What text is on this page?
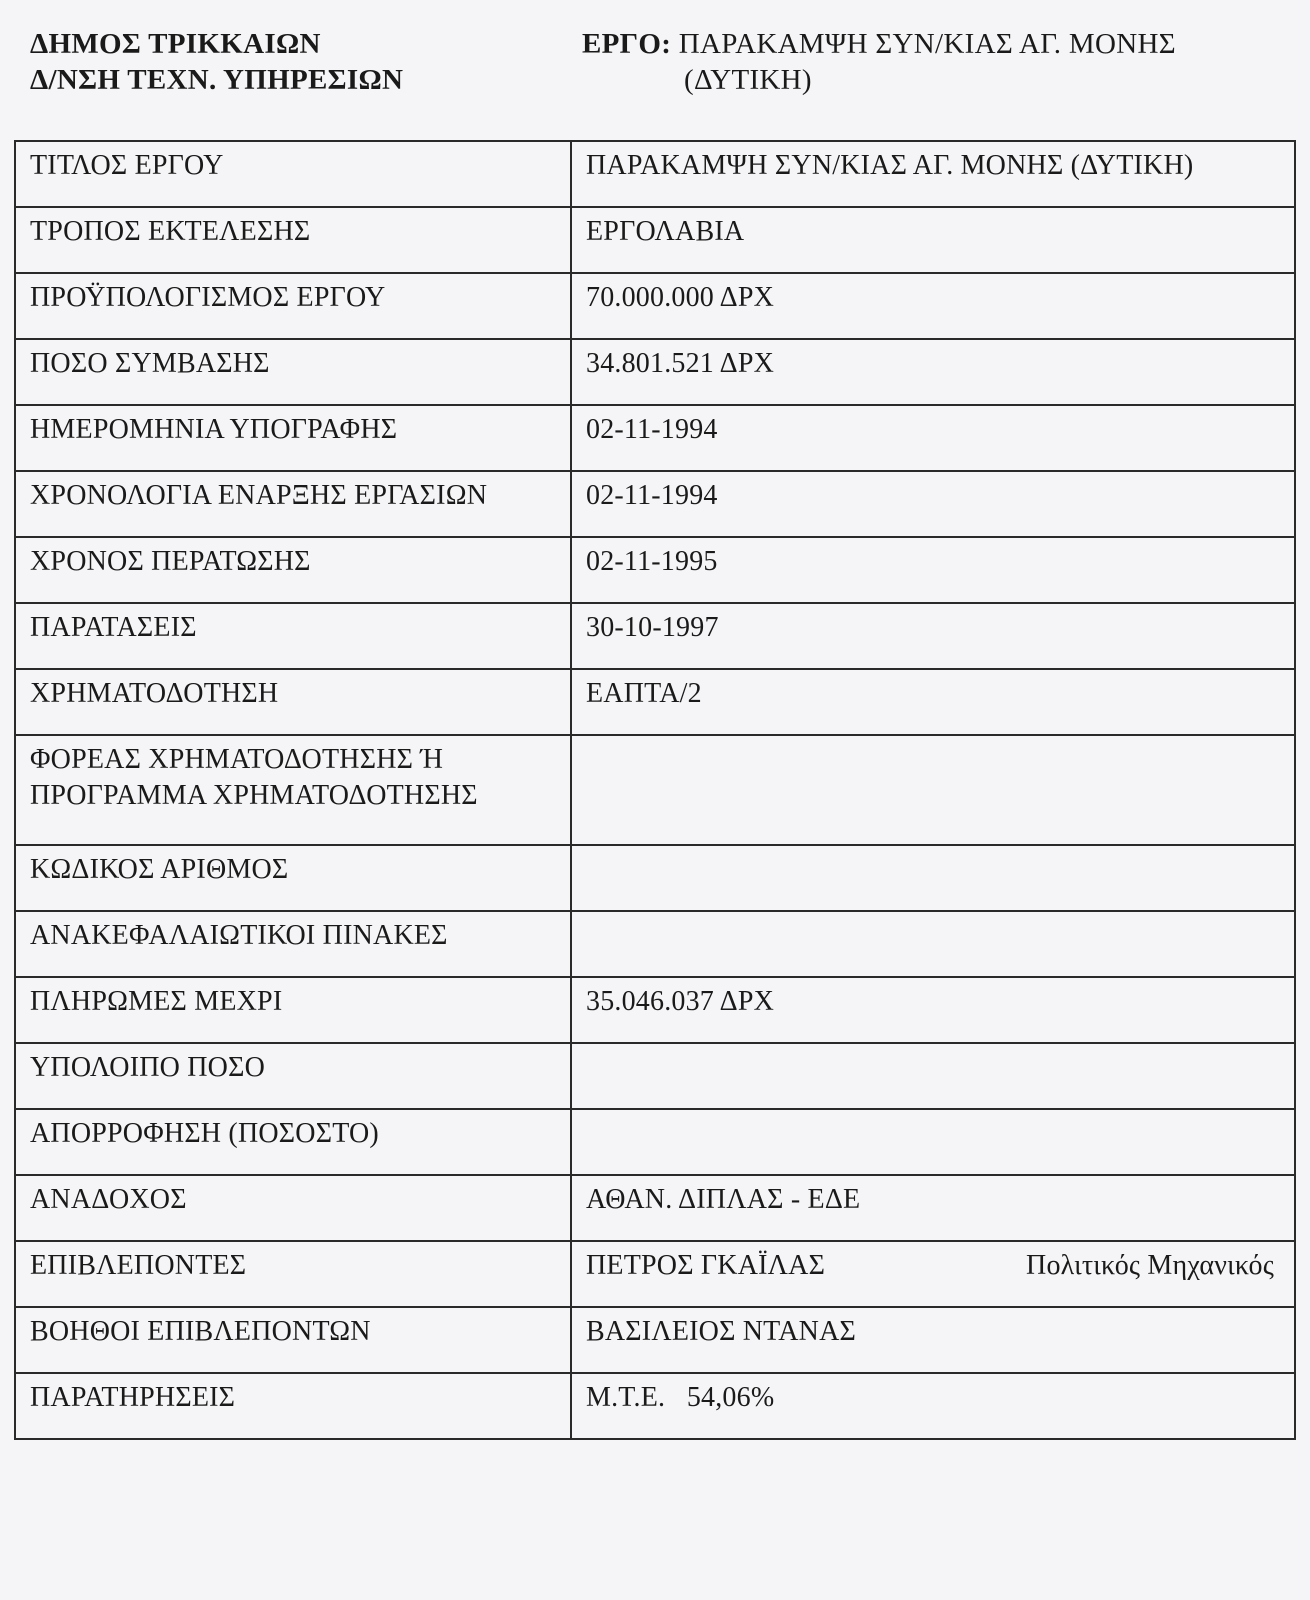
ΔΗΜΟΣ ΤΡΙΚΚΑΙΩΝ
Δ/ΝΣΗ ΤΕΧΝ. ΥΠΗΡΕΣΙΩΝ
ΕΡΓΟ: ΠΑΡΑΚΑΜΨΗ ΣΥΝ/ΚΙΑΣ ΑΓ. ΜΟΝΗΣ
(ΔΥΤΙΚΗ)
ΤΙΤΛΟΣ ΕΡΓΟΥ	ΠΑΡΑΚΑΜΨΗ ΣΥΝ/ΚΙΑΣ ΑΓ. ΜΟΝΗΣ (ΔΥΤΙΚΗ)
ΤΡΟΠΟΣ ΕΚΤΕΛΕΣΗΣ	ΕΡΓΟΛΑΒΙΑ
ΠΡΟΫΠΟΛΟΓΙΣΜΟΣ ΕΡΓΟΥ	70.000.000 ΔΡΧ
ΠΟΣΟ ΣΥΜΒΑΣΗΣ	34.801.521 ΔΡΧ
ΗΜΕΡΟΜΗΝΙΑ ΥΠΟΓΡΑΦΗΣ	02-11-1994
ΧΡΟΝΟΛΟΓΙΑ ΕΝΑΡΞΗΣ ΕΡΓΑΣΙΩΝ	02-11-1994
ΧΡΟΝΟΣ ΠΕΡΑΤΩΣΗΣ	02-11-1995
ΠΑΡΑΤΑΣΕΙΣ	30-10-1997
ΧΡΗΜΑΤΟΔΟΤΗΣΗ	ΕΑΠΤΑ/2

ΦΟΡΕΑΣ ΧΡΗΜΑΤΟΔΟΤΗΣΗΣ Ή
ΠΡΟΓΡΑΜΜΑ ΧΡΗΜΑΤΟΔΟΤΗΣΗΣ	

ΚΩΔΙΚΟΣ ΑΡΙΘΜΟΣ	
ΑΝΑΚΕΦΑΛΑΙΩΤΙΚΟΙ ΠΙΝΑΚΕΣ	
ΠΛΗΡΩΜΕΣ ΜΕΧΡΙ	35.046.037 ΔΡΧ
ΥΠΟΛΟΙΠΟ ΠΟΣΟ	
ΑΠΟΡΡΟΦΗΣΗ (ΠΟΣΟΣΤΟ)	
ΑΝΑΔΟΧΟΣ	ΑΘΑΝ. ΔΙΠΛΑΣ - ΕΔΕ
ΕΠΙΒΛΕΠΟΝΤΕΣ	ΠΕΤΡΟΣ ΓΚΑΪΛΑΣ Πολιτικός Μηχανικός

ΒΟΗΘΟΙ ΕΠΙΒΛΕΠΟΝΤΩΝ	ΒΑΣΙΛΕΙΟΣ ΝΤΑΝΑΣ
ΠΑΡΑΤΗΡΗΣΕΙΣ	Μ.Τ.Ε.   54,06%
